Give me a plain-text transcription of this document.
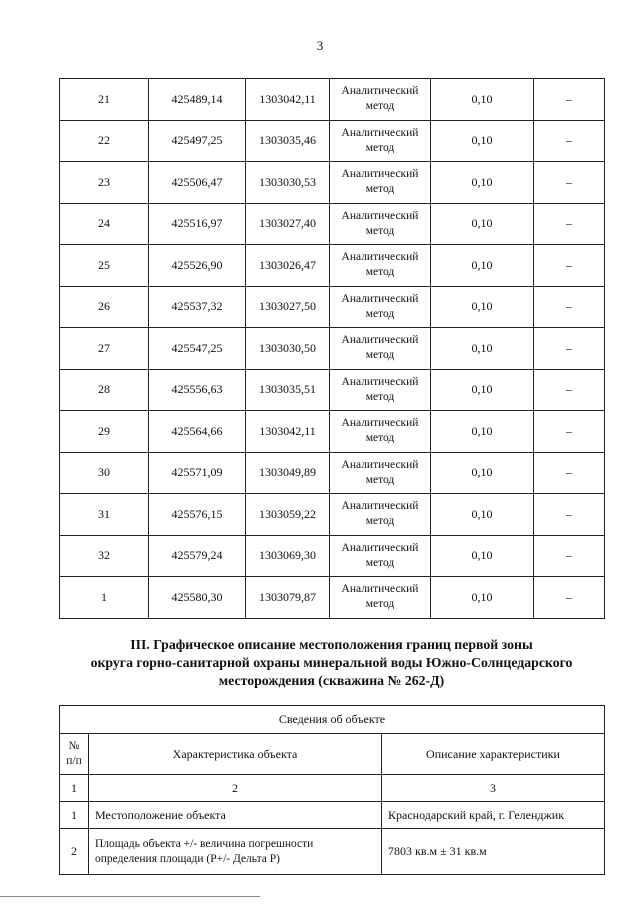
3
21	425489,14	1303042,11	Аналитический
метод	0,10	–
22	425497,25	1303035,46	Аналитический
метод	0,10	–
23	425506,47	1303030,53	Аналитический
метод	0,10	–
24	425516,97	1303027,40	Аналитический
метод	0,10	–
25	425526,90	1303026,47	Аналитический
метод	0,10	–
26	425537,32	1303027,50	Аналитический
метод	0,10	–
27	425547,25	1303030,50	Аналитический
метод	0,10	–
28	425556,63	1303035,51	Аналитический
метод	0,10	–
29	425564,66	1303042,11	Аналитический
метод	0,10	–
30	425571,09	1303049,89	Аналитический
метод	0,10	–
31	425576,15	1303059,22	Аналитический
метод	0,10	–
32	425579,24	1303069,30	Аналитический
метод	0,10	–
1	425580,30	1303079,87	Аналитический
метод	0,10	–
III. Графическое описание местоположения границ первой зоны
округа горно-санитарной охраны минеральной воды Южно-Солнцедарского
месторождения (скважина № 262-Д)
Сведения об объекте		

№
п/п	Характеристика объекта	Описание характеристики
1	2	3
1	Местоположение объекта	Краснодарский край, г. Геленджик
2	Площадь объекта +/- величина погрешности
определения площади (Р+/- Дельта Р)	7803 кв.м ± 31 кв.м
